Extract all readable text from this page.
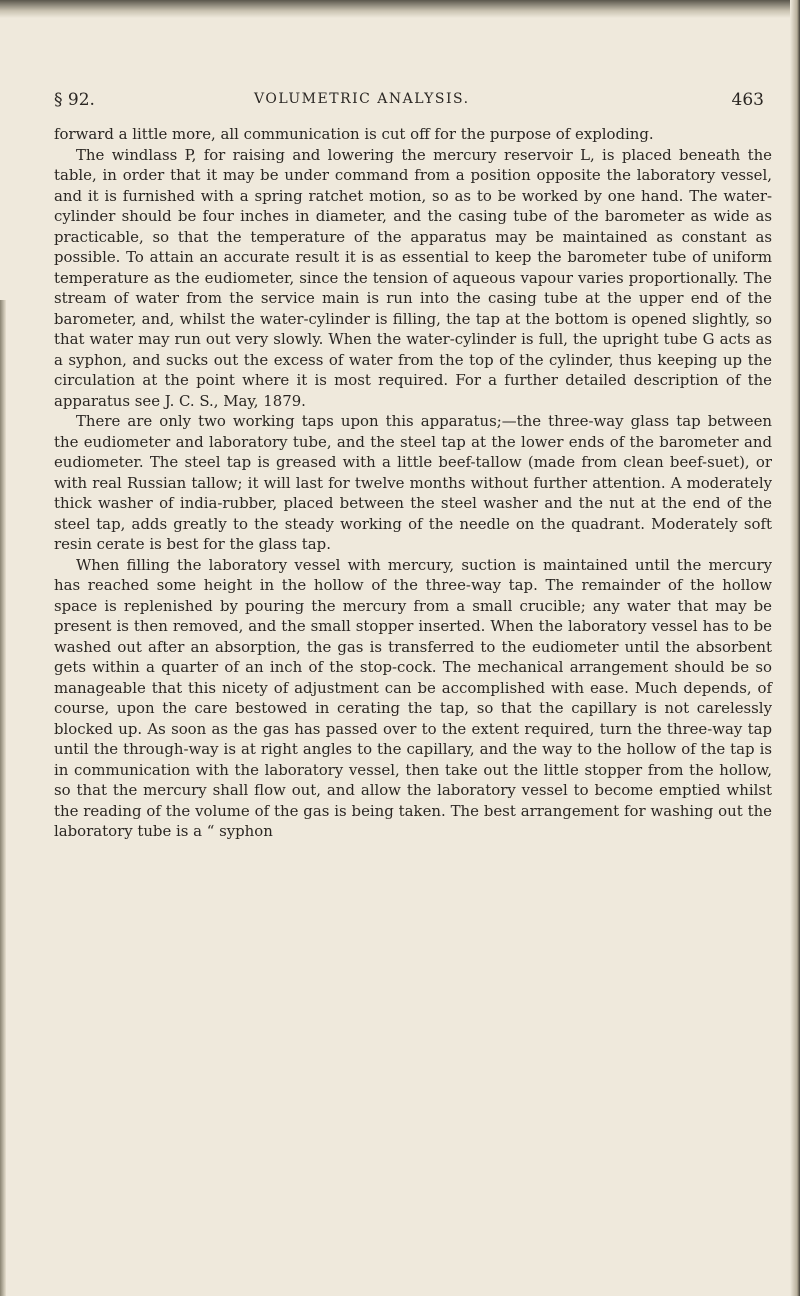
§ 92.	VOLUMETRIC ANALYSIS.	463

forward a little more, all communication is cut off for the purpose of exploding.

The windlass P, for raising and lowering the mercury reservoir L, is placed beneath the table, in order that it may be under command from a position opposite the laboratory vessel, and it is furnished with a spring ratchet motion, so as to be worked by one hand. The water-cylinder should be four inches in diameter, and the casing tube of the barometer as wide as practicable, so that the temperature of the apparatus may be maintained as constant as possible. To attain an accurate result it is as essential to keep the barometer tube of uniform temperature as the eudiometer, since the tension of aqueous vapour varies proportionally. The stream of water from the service main is run into the casing tube at the upper end of the barometer, and, whilst the water-cylinder is filling, the tap at the bottom is opened slightly, so that water may run out very slowly. When the water-cylinder is full, the upright tube G acts as a syphon, and sucks out the excess of water from the top of the cylinder, thus keeping up the circulation at the point where it is most required. For a further detailed description of the apparatus see J. C. S., May, 1879.

There are only two working taps upon this apparatus;—the three-way glass tap between the eudiometer and laboratory tube, and the steel tap at the lower ends of the barometer and eudiometer. The steel tap is greased with a little beef-tallow (made from clean beef-suet), or with real Russian tallow; it will last for twelve months without further attention. A moderately thick washer of india-rubber, placed between the steel washer and the nut at the end of the steel tap, adds greatly to the steady working of the needle on the quadrant. Moderately soft resin cerate is best for the glass tap.

When filling the laboratory vessel with mercury, suction is maintained until the mercury has reached some height in the hollow of the three-way tap. The remainder of the hollow space is replenished by pouring the mercury from a small crucible; any water that may be present is then removed, and the small stopper inserted. When the laboratory vessel has to be washed out after an absorption, the gas is transferred to the eudiometer until the absorbent gets within a quarter of an inch of the stop-cock. The mechanical arrangement should be so manageable that this nicety of adjustment can be accomplished with ease. Much depends, of course, upon the care bestowed in cerating the tap, so that the capillary is not carelessly blocked up. As soon as the gas has passed over to the extent required, turn the three-way tap until the through-way is at right angles to the capillary, and the way to the hollow of the tap is in communication with the laboratory vessel, then take out the little stopper from the hollow, so that the mercury shall flow out, and allow the laboratory vessel to become emptied whilst the reading of the volume of the gas is being taken. The best arrangement for washing out the laboratory tube is a “ syphon
